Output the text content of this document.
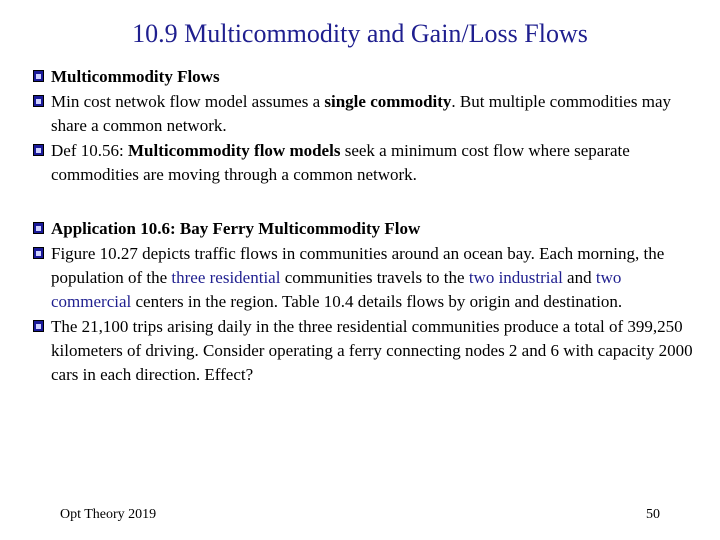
10.9 Multicommodity and Gain/Loss Flows
Multicommodity Flows
Min cost netwok flow model assumes a single commodity. But multiple commodities may share a common network.
Def 10.56: Multicommodity flow models seek a minimum cost flow where separate commodities are moving through a common network.
Application 10.6: Bay Ferry Multicommodity Flow
Figure 10.27 depicts traffic flows in communities around an ocean bay. Each morning, the population of the three residential communities travels to the two industrial and two commercial centers in the region. Table 10.4 details flows by origin and destination.
The 21,100 trips arising daily in the three residential communities produce a total of 399,250 kilometers of driving. Consider operating a ferry connecting nodes 2 and 6 with capacity 2000 cars in each direction. Effect?
Opt Theory 2019	50
